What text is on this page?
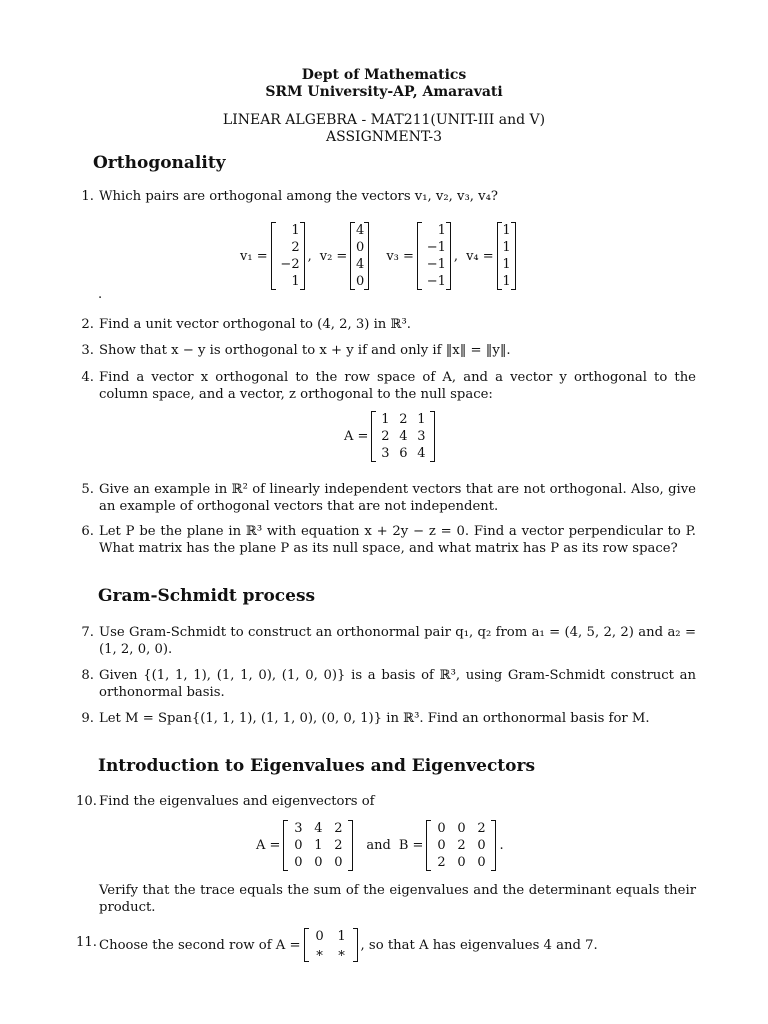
Dept of Mathematics
SRM University-AP, Amaravati
LINEAR ALGEBRA - MAT211(UNIT-III and V)
ASSIGNMENT-3
Orthogonality
1. Which pairs are orthogonal among the vectors v₁, v₂, v₃, v₄?
v₁ =
1
2
−2
1
, v₂ =
4
0
4
0
v₃ =
1
−1
−1
−1
, v₄ =
1
1
1
1
.
2. Find a unit vector orthogonal to (4, 2, 3) in ℝ³.
3. Show that x − y is orthogonal to x + y if and only if ‖x‖ = ‖y‖.
4. Find a vector x orthogonal to the row space of A, and a vector y orthogonal to the column space, and a vector, z orthogonal to the null space:
A =
1 2 1
2 4 3
3 6 4
5. Give an example in ℝ² of linearly independent vectors that are not orthogonal. Also, give an example of orthogonal vectors that are not independent.
6. Let P be the plane in ℝ³ with equation x + 2y − z = 0. Find a vector perpendicular to P. What matrix has the plane P as its null space, and what matrix has P as its row space?
Gram-Schmidt process
7. Use Gram-Schmidt to construct an orthonormal pair q₁, q₂ from a₁ = (4, 5, 2, 2) and a₂ = (1, 2, 0, 0).
8. Given {(1, 1, 1), (1, 1, 0), (1, 0, 0)} is a basis of ℝ³, using Gram-Schmidt construct an orthonormal basis.
9. Let M = Span{(1, 1, 1), (1, 1, 0), (0, 0, 1)} in ℝ³. Find an orthonormal basis for M.
Introduction to Eigenvalues and Eigenvectors
10. Find the eigenvalues and eigenvectors of
A =
3 4 2
0 1 2
0 0 0
and B =
0 0 2
0 2 0
2 0 0
.
Verify that the trace equals the sum of the eigenvalues and the determinant equals their product.
11. Choose the second row of A =
0	1
∗ ∗
, so that A has eigenvalues 4 and 7.
